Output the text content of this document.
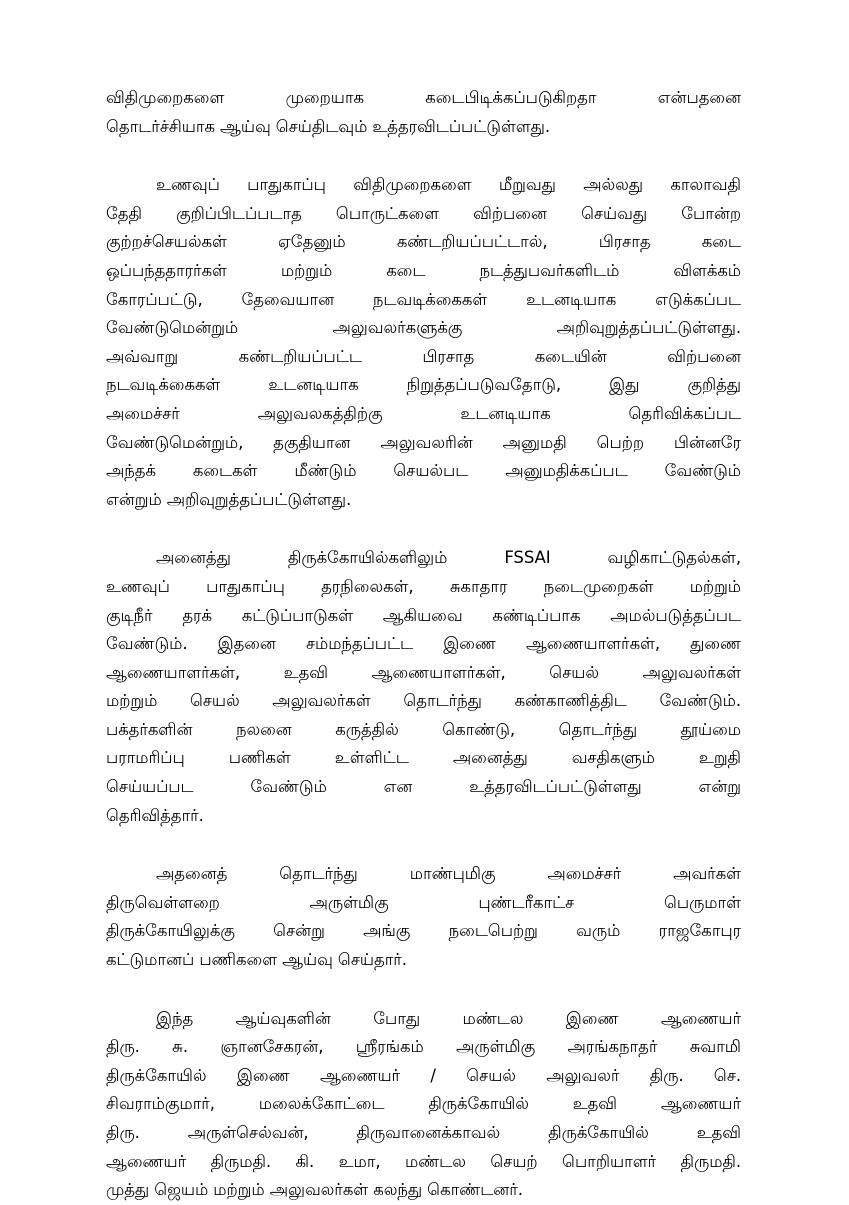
விதிமுறைகளை முறையாக கடைபிடிக்கப்படுகிறதா என்பதனை
தொடர்ச்சியாக ஆய்வு செய்திடவும் உத்தரவிடப்பட்டுள்ளது.
உணவுப் பாதுகாப்பு விதிமுறைகளை மீறுவது அல்லது காலாவதி
தேதி குறிப்பிடப்படாத பொருட்களை விற்பனை செய்வது போன்ற
குற்றச்செயல்கள் ஏதேனும் கண்டறியப்பட்டால், பிரசாத கடை
ஒப்பந்ததாரர்கள் மற்றும் கடை நடத்துபவர்களிடம் விளக்கம்
கோரப்பட்டு, தேவையான நடவடிக்கைகள் உடனடியாக எடுக்கப்பட
வேண்டுமென்றும் அலுவலர்களுக்கு அறிவுறுத்தப்பட்டுள்ளது.
அவ்வாறு கண்டறியப்பட்ட பிரசாத கடையின் விற்பனை
நடவடிக்கைகள் உடனடியாக நிறுத்தப்படுவதோடு, இது குறித்து
அமைச்சர் அலுவலகத்திற்கு உடனடியாக தெரிவிக்கப்பட
வேண்டுமென்றும், தகுதியான அலுவலரின் அனுமதி பெற்ற பின்னரே
அந்தக் கடைகள் மீண்டும் செயல்பட அனுமதிக்கப்பட வேண்டும்
என்றும் அறிவுறுத்தப்பட்டுள்ளது.
அனைத்து திருக்கோயில்களிலும் FSSAI வழிகாட்டுதல்கள்,
உணவுப் பாதுகாப்பு தரநிலைகள், சுகாதார நடைமுறைகள் மற்றும்
குடிநீர் தரக் கட்டுப்பாடுகள் ஆகியவை கண்டிப்பாக அமல்படுத்தப்பட
வேண்டும். இதனை சம்மந்தப்பட்ட இணை ஆணையாளர்கள், துணை
ஆணையாளர்கள், உதவி ஆணையாளர்கள், செயல் அலுவலர்கள்
மற்றும் செயல் அலுவலர்கள் தொடர்ந்து கண்காணித்திட வேண்டும்.
பக்தர்களின் நலனை கருத்தில் கொண்டு, தொடர்ந்து தூய்மை
பராமரிப்பு பணிகள் உள்ளிட்ட அனைத்து வசதிகளும் உறுதி
செய்யப்பட வேண்டும் என உத்தரவிடப்பட்டுள்ளது என்று
தெரிவித்தார்.
அதனைத் தொடர்ந்து மாண்புமிகு அமைச்சர் அவர்கள்
திருவெள்ளறை அருள்மிகு புண்டரீகாட்ச பெருமாள்
திருக்கோயிலுக்கு சென்று அங்கு நடைபெற்று வரும் ராஜகோபுர
கட்டுமானப் பணிகளை ஆய்வு செய்தார்.
இந்த ஆய்வுகளின் போது மண்டல இணை ஆணையர்
திரு. சு. ஞானசேகரன், ஸ்ரீரங்கம் அருள்மிகு அரங்கநாதர் சுவாமி
திருக்கோயில் இணை ஆணையர் / செயல் அலுவலர் திரு. செ.
சிவராம்குமார், மலைக்கோட்டை திருக்கோயில் உதவி ஆணையர்
திரு. அருள்செல்வன், திருவானைக்காவல் திருக்கோயில் உதவி
ஆணையர் திருமதி. கி. உமா, மண்டல செயற் பொறியாளர் திருமதி.
முத்து ஜெயம் மற்றும் அலுவலர்கள் கலந்து கொண்டனர்.
